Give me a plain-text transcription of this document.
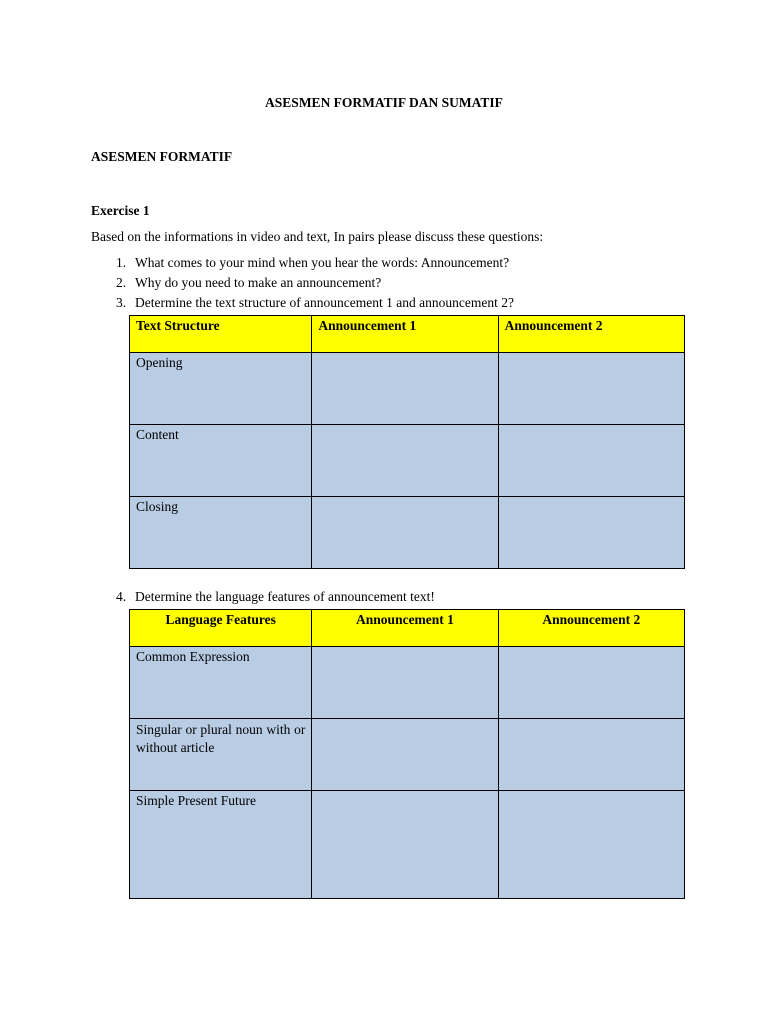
ASESMEN FORMATIF DAN SUMATIF
ASESMEN FORMATIF
Exercise 1
Based on the informations in video and text, In pairs please discuss these questions:
1. What comes to your mind when you hear the words: Announcement?
2. Why do you need to make an announcement?
3. Determine the text structure of announcement 1 and announcement 2?
Text Structure	Announcement 1	Announcement 2
Opening		
Content		
Closing		
4. Determine the language features of announcement text!
Language Features	Announcement 1	Announcement 2
Common Expression		
Singular or plural noun with or without article		
Simple Present Future		
